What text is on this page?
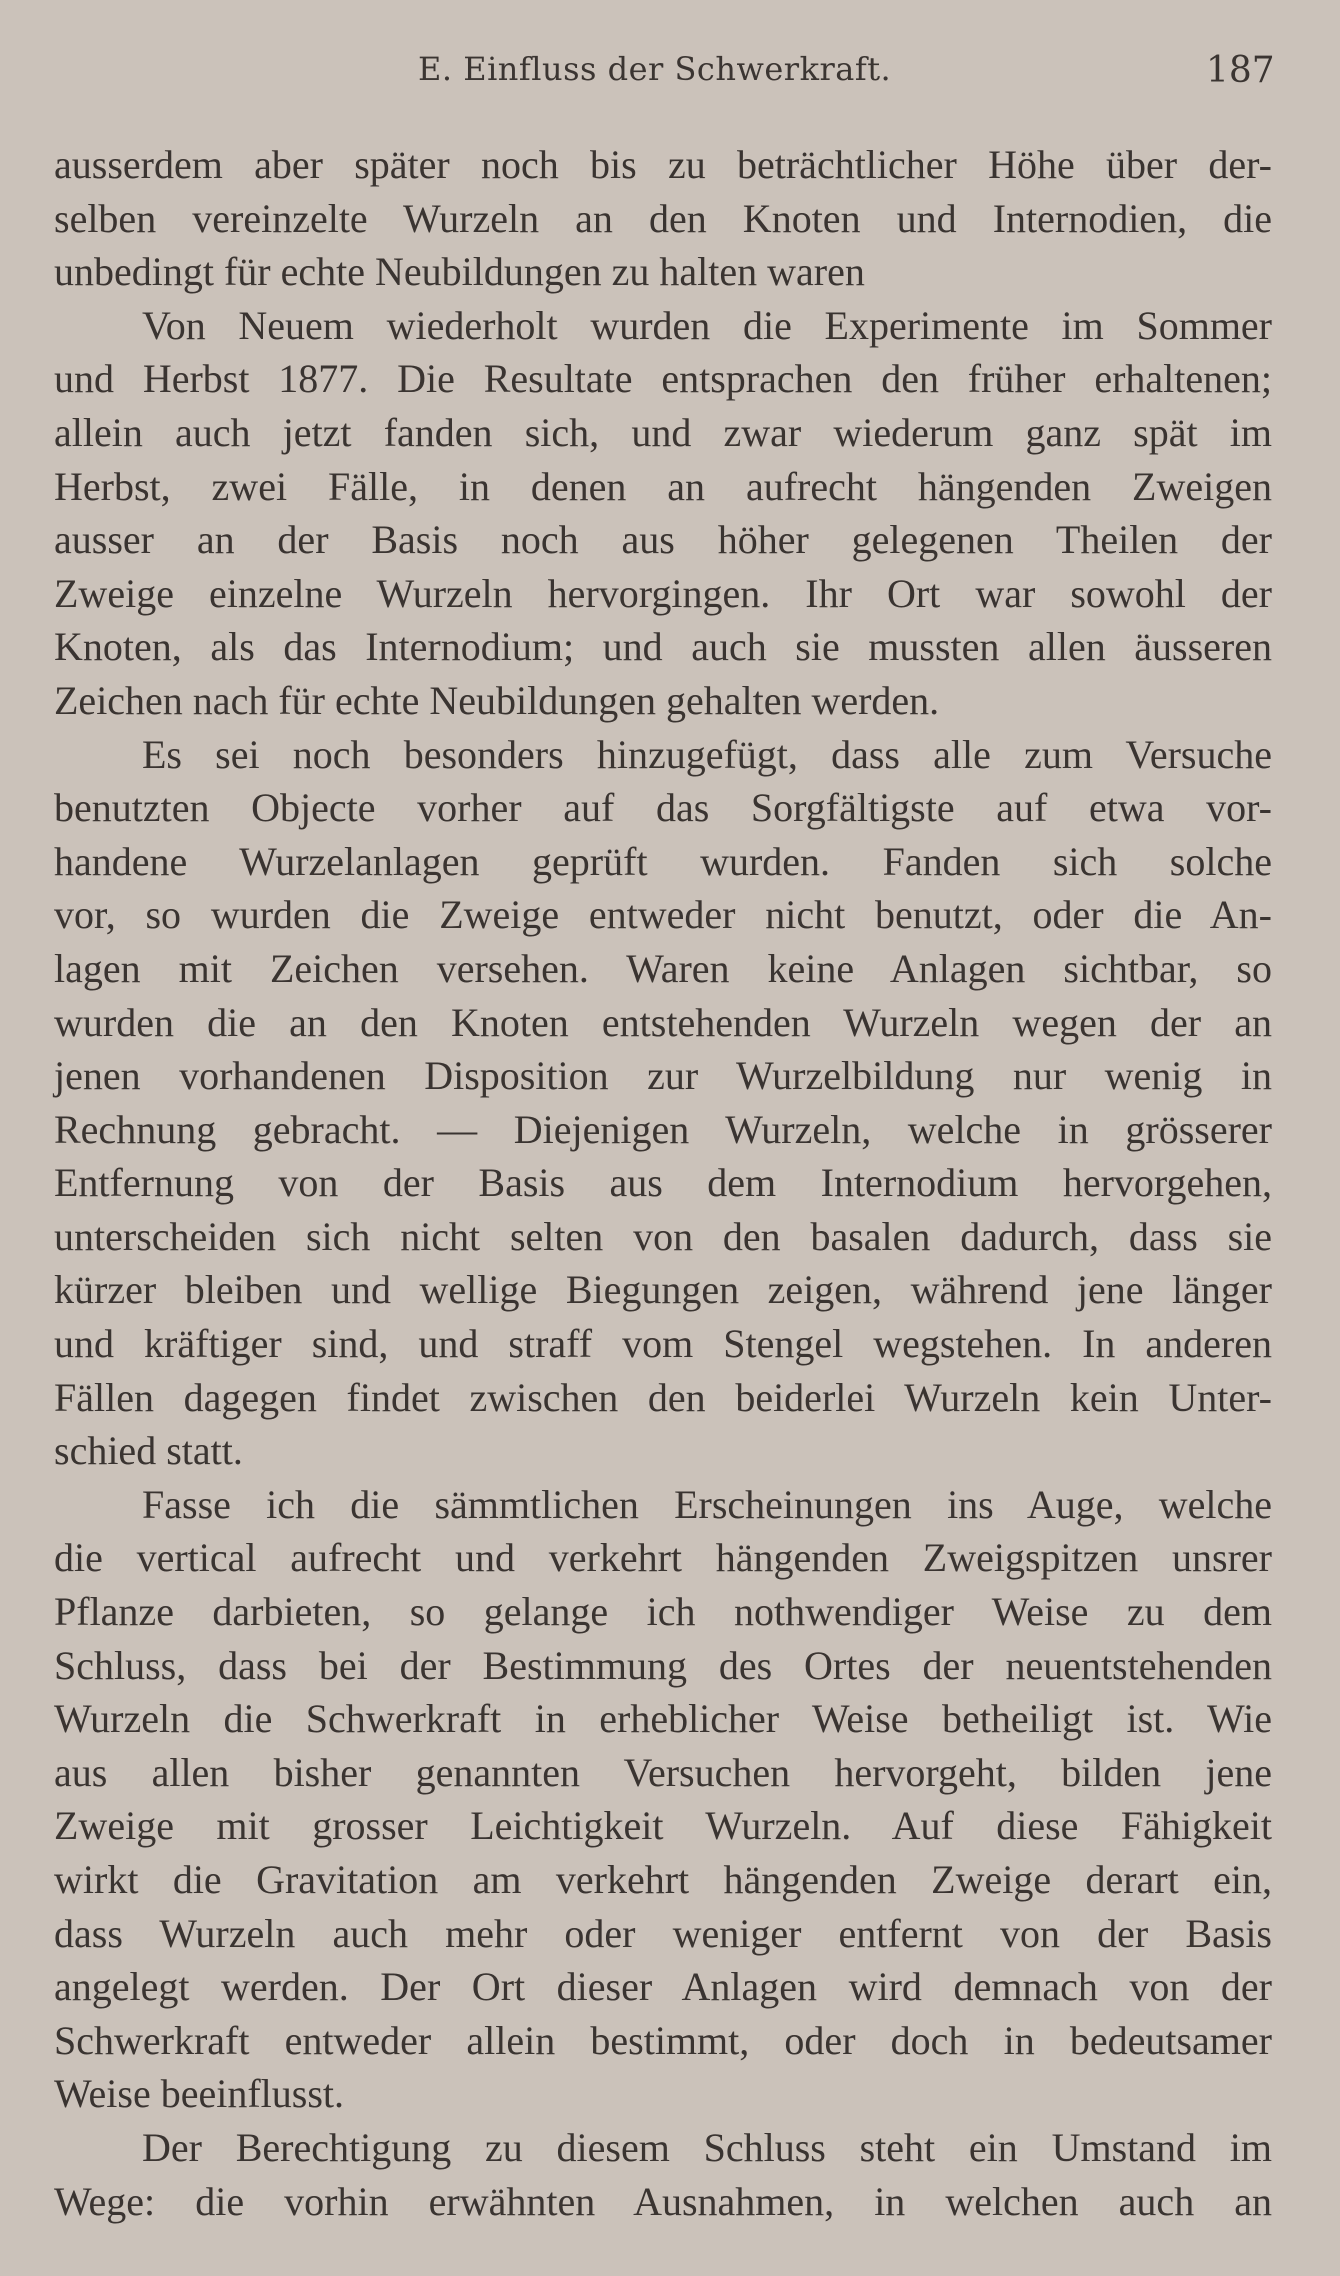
E. Einfluss der Schwerkraft.	187
ausserdem aber später noch bis zu beträchtlicher Höhe über der-
selben vereinzelte Wurzeln an den Knoten und Internodien, die
unbedingt für echte Neubildungen zu halten waren
Von Neuem wiederholt wurden die Experimente im Sommer
und Herbst 1877. Die Resultate entsprachen den früher erhaltenen;
allein auch jetzt fanden sich, und zwar wiederum ganz spät im
Herbst, zwei Fälle, in denen an aufrecht hängenden Zweigen
ausser an der Basis noch aus höher gelegenen Theilen der
Zweige einzelne Wurzeln hervorgingen. Ihr Ort war sowohl der
Knoten, als das Internodium; und auch sie mussten allen äusseren
Zeichen nach für echte Neubildungen gehalten werden.
Es sei noch besonders hinzugefügt, dass alle zum Versuche
benutzten Objecte vorher auf das Sorgfältigste auf etwa vor-
handene Wurzelanlagen geprüft wurden. Fanden sich solche
vor, so wurden die Zweige entweder nicht benutzt, oder die An-
lagen mit Zeichen versehen. Waren keine Anlagen sichtbar, so
wurden die an den Knoten entstehenden Wurzeln wegen der an
jenen vorhandenen Disposition zur Wurzelbildung nur wenig in
Rechnung gebracht. — Diejenigen Wurzeln, welche in grösserer
Entfernung von der Basis aus dem Internodium hervorgehen,
unterscheiden sich nicht selten von den basalen dadurch, dass sie
kürzer bleiben und wellige Biegungen zeigen, während jene länger
und kräftiger sind, und straff vom Stengel wegstehen. In anderen
Fällen dagegen findet zwischen den beiderlei Wurzeln kein Unter-
schied statt.
Fasse ich die sämmtlichen Erscheinungen ins Auge, welche
die vertical aufrecht und verkehrt hängenden Zweigspitzen unsrer
Pflanze darbieten, so gelange ich nothwendiger Weise zu dem
Schluss, dass bei der Bestimmung des Ortes der neuentstehenden
Wurzeln die Schwerkraft in erheblicher Weise betheiligt ist. Wie
aus allen bisher genannten Versuchen hervorgeht, bilden jene
Zweige mit grosser Leichtigkeit Wurzeln. Auf diese Fähigkeit
wirkt die Gravitation am verkehrt hängenden Zweige derart ein,
dass Wurzeln auch mehr oder weniger entfernt von der Basis
angelegt werden. Der Ort dieser Anlagen wird demnach von der
Schwerkraft entweder allein bestimmt, oder doch in bedeutsamer
Weise beeinflusst.
Der Berechtigung zu diesem Schluss steht ein Umstand im
Wege: die vorhin erwähnten Ausnahmen, in welchen auch an
